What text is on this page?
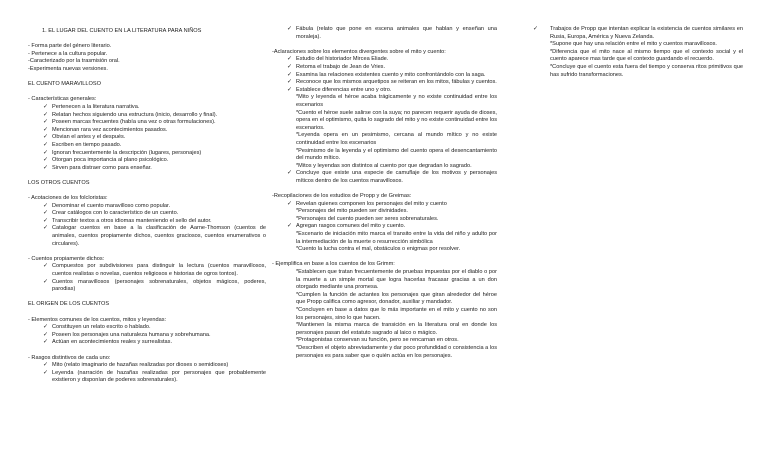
1. EL LUGAR DEL CUENTO EN LA LITERATURA PARA NIÑOS
- Forma parte del género literario.
- Pertenece a la cultura popular.
-Caracterizado por la trasmisión oral.
-Experimenta nuevas versiones.
EL CUENTO MARAVILLOSO
- Características generales:
✓ Pertenecen a la literatura narrativa.
✓ Relatan hechos siguiendo una estructura (inicio, desarrollo y final).
✓ Poseen marcas frecuentes (había una vez o otras formulaciones).
✓ Mencionan rara vez acontecimientos pasados.
✓ Obvian el antes y el después.
✓ Escriben en tiempo pasado.
✓ Ignoran frecuentemente la descripción (lugares, personajes)
✓ Otorgan poca importancia al plano psicológico.
✓ Sirven para distraer como para enseñar.
LOS OTROS CUENTOS
- Acotaciones de los folcloristas:
✓ Denominar el cuento maravilloso como popular.
✓ Crear catálogos con lo característico de un cuento.
✓ Transcribir textos a otros idiomas manteniendo el sello del autor.
✓ Catalogar cuentos en base a la clasificación de Aarne-Thomson (cuentos de animales, cuentos propiamente dichos, cuentos graciosos, cuentos enumerativos o circulares).
- Cuentos propiamente dichos:
✓ Compuestos por subdivisiones para distinguir la lectura (cuentos maravillosos, cuentos realistas o novelas, cuentos religiosos e historias de ogros tontos).
✓ Cuentos maravillosos (personajes sobrenaturales, objetos mágicos, poderes, parodias)
EL ORIGEN DE LOS CUENTOS
- Elementos comunes de los cuentos, mitos y leyendas:
✓ Constituyen un relato escrito o hablado.
✓ Poseen los personajes una naturaleza humana y sobrehumana.
✓ Actúan en acontecimientos reales y surrealistas.
- Rasgos distintivos de cada uno:
✓ Mito (relato imaginario de hazañas realizadas por dioses o semidioses)
✓ Leyenda (narración de hazañas realizadas por personajes que probablemente existieron y disponían de poderes sobrenaturales).
✓ Fábula (relato que pone en escena animales que hablan y enseñan una moraleja).
-Aclaraciones sobre los elementos divergentes sobre el mito y cuento:
✓ Estudio del historiador Mircea Eliade.
✓ Retoma el trabajo de Jean de Vries.
✓ Examina las relaciones existentes cuento y mito confrontándolo con la saga.
✓ Reconoce que los mismos arquetipos se reiteran en los mitos, fábulas y cuentos.
✓ Establece diferencias entre uno y otro.
*Mito y leyenda el héroe acaba trágicamente y no existe continuidad entre los escenarios
*Cuento el héroe suele salirse con la suya; no parecen requerir ayuda de dioses, opera en el optimismo, quita lo sagrado del mito y no existe continuidad entre los escenarios.
*Leyenda opera en un pesimismo, cercana al mundo mítico y no existe continuidad entre los escenarios
*Pesimismo de la leyenda y el optimismo del cuento opera el desencantamiento del mundo mítico.
*Mitos y leyendas son distintos al cuento por que degradan lo sagrado.
✓ Concluye que existe una especie de camuflaje de los motivos y personajes míticos dentro de los cuentos maravillosos.
-Recopilaciones de los estudios de Propp y de Greimas:
✓ Revelan quienes componen los personajes del mito y cuento
*Personajes del mito pueden ser divinidades.
*Personajes del cuento pueden ser seres sobrenaturales.
✓ Agregan rasgos comunes del mito y cuento.
*Escenario de iniciación mito marca el transito entre la vida del niño y adulto por la intermediación de la muerte o resurrección simbólica
*Cuento la lucha contra el mal, obstáculos o enigmas por resolver.
- Ejemplifica en base a los cuentos de los Grimm:
*Establecen que tratan frecuentemente de pruebas impuestas por el diablo o por la muerte a un simple mortal que logra hacerlas fracasar gracias a un don otorgado mediante una promesa.
*Cumplen la función de actantes los personajes que giran alrededor del héroe que Propp califica como agresor, donador, auxiliar y mandador.
*Concluyen en base a datos que lo más importante en el mito y cuento no son los personajes, sino lo que hacen.
*Mantienen la misma marca de transición en la literatura oral en donde los personajes pasan del estatuto sagrado al laico o mágico.
*Protagonistas conservan su función, pero se rencarnan en otros.
*Describen el objeto abreviadamente y dar poco profundidad o consistencia a los personajes es para saber que o quién actúa en los personajes.
✓ Trabajos de Propp que intentan explicar la existencia de cuentos similares en Rusia, Europa, América y Nueva Zelanda.
*Supone que hay una relación entre el mito y cuentos maravillosos.
*Diferencia que el mito nace al mismo tiempo que el contexto social y el cuento aparece mas tarde que el contexto guardando el recuerdo.
*Concluye que el cuento esta fuera del tiempo y conserva ritos primitivos que has sufrido transformaciones.
